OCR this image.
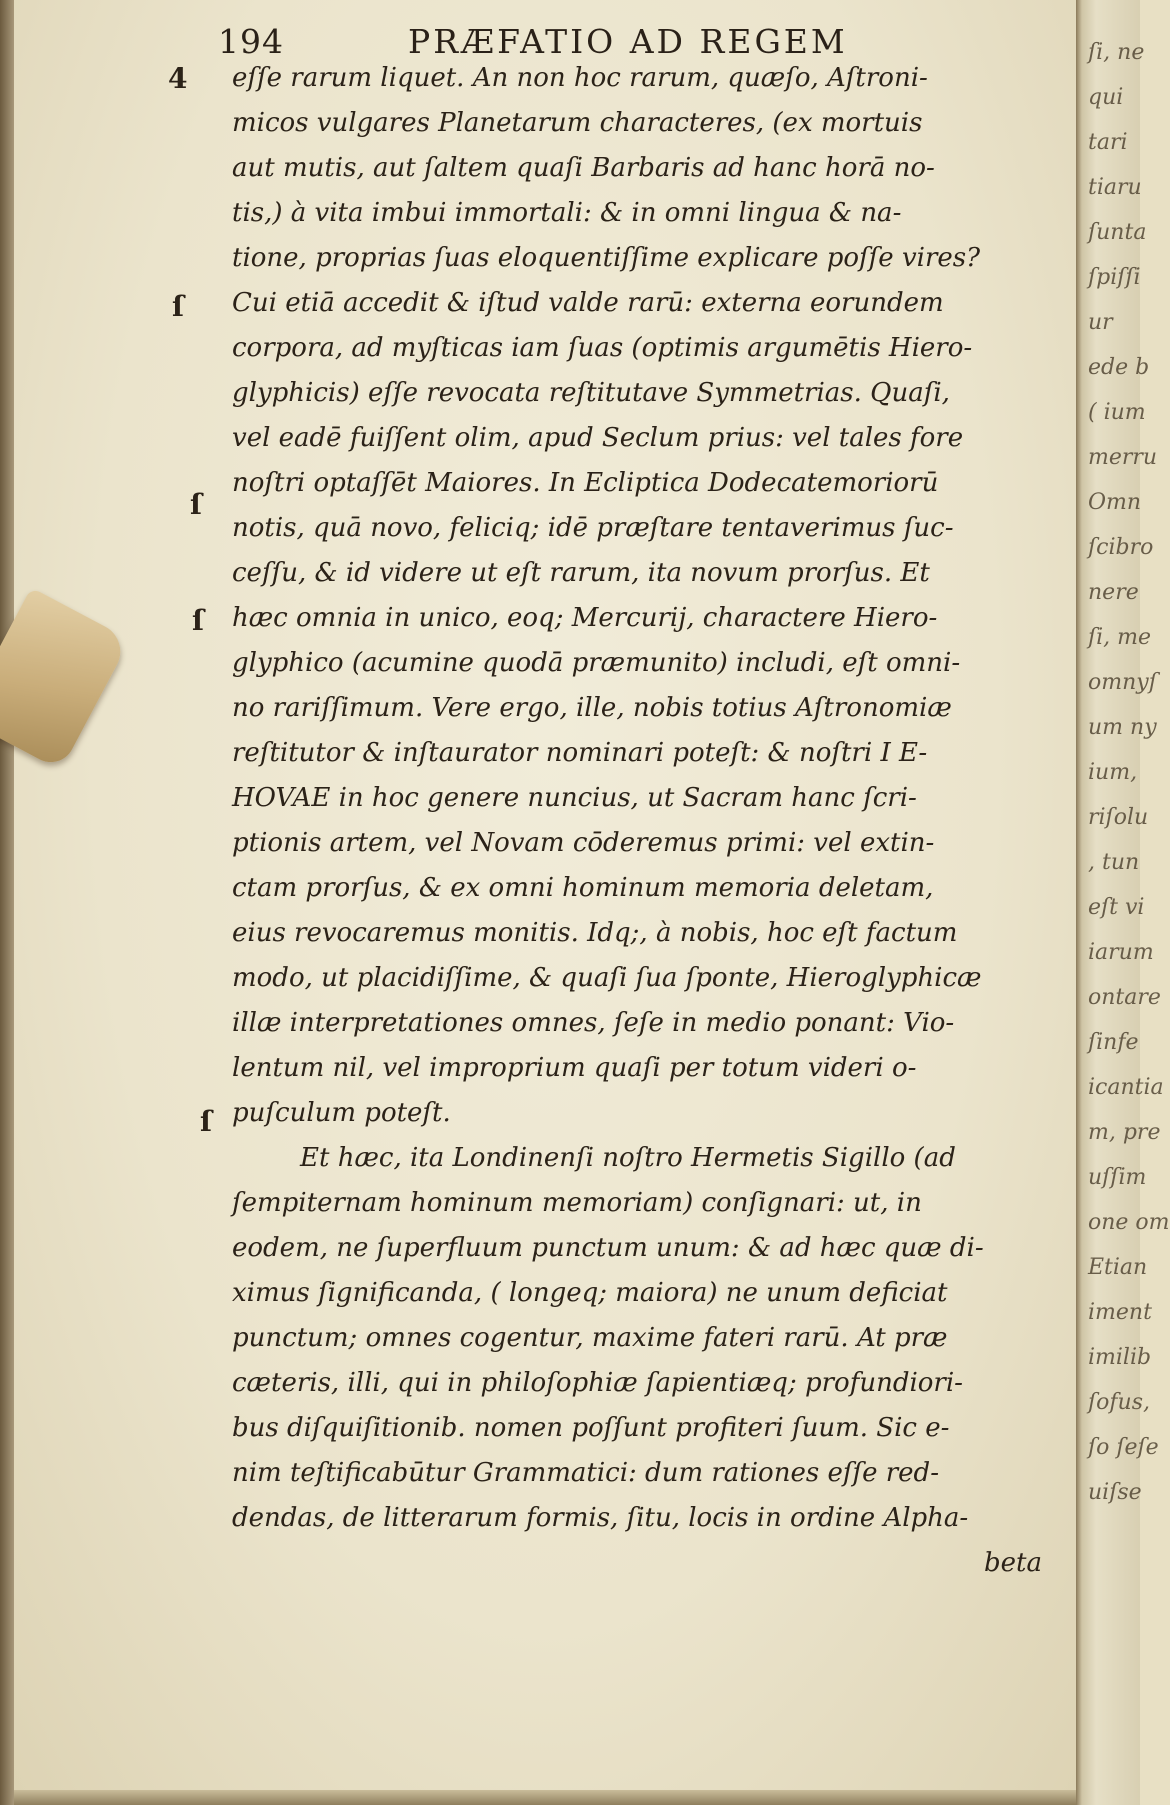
ſi, ne
qui
tari
tiaru
ſunta
ſpiſſi
ur
ede b
( ium
merru
Omn
ſcibro
nere
ſi, me
omnyſ
um ny
ium,
riſolu
, tun
eſt vi
iarum
ontare
ſinfe
icantia
m, pre
uſſim
one om
Etian
iment
imilib
ſofus,
ſo ſeſe
uiſse
194	PRÆFATIO AD REGEM
4
ſ
ſ
ſ
ſ
eſſe rarum liquet. An non hoc rarum, quæſo, Aſtroni-
micos vulgares Planetarum characteres, (ex mortuis
aut mutis, aut ſaltem quaſi Barbaris ad hanc horā no-
tis,) à vita imbui immortali: & in omni lingua & na-
tione, proprias ſuas eloquentiſſime explicare poſſe vires?
Cui etiā accedit & iſtud valde rarū: externa eorundem
corpora, ad myſticas iam ſuas (optimis argumētis Hiero-
glyphicis) eſſe revocata reſtitutave Symmetrias. Quaſi,
vel eadē fuiſſent olim, apud Seclum prius: vel tales fore
noſtri optaſſēt Maiores. In Ecliptica Dodecatemoriorū
notis, quā novo, feliciq; idē præſtare tentaverimus ſuc-
ceſſu, & id videre ut eſt rarum, ita novum prorſus. Et
hæc omnia in unico, eoq; Mercurij, charactere Hiero-
glyphico (acumine quodā præmunito) includi, eſt omni-
no rariſſimum. Vere ergo, ille, nobis totius Aſtronomiæ
reſtitutor & inſtaurator nominari poteſt: & noſtri I E-
HOVAE in hoc genere nuncius, ut Sacram hanc ſcri-
ptionis artem, vel Novam cōderemus primi: vel extin-
ctam prorſus, & ex omni hominum memoria deletam,
eius revocaremus monitis. Idq;, à nobis, hoc eſt factum
modo, ut placidiſſime, & quaſi ſua ſponte, Hieroglyphicæ
illæ interpretationes omnes, ſeſe in medio ponant: Vio-
lentum nil, vel improprium quaſi per totum videri o-
puſculum poteſt.
Et hæc, ita Londinenſi noſtro Hermetis Sigillo (ad
ſempiternam hominum memoriam) conſignari: ut, in
eodem, ne ſuperfluum punctum unum: & ad hæc quæ di-
ximus ſignificanda, ( longeq; maiora) ne unum deficiat
punctum; omnes cogentur, maxime fateri rarū. At præ
cæteris, illi, qui in philoſophiæ ſapientiæq; profundiori-
bus diſquiſitionib. nomen poſſunt profiteri ſuum. Sic e-
nim teſtificabūtur Grammatici: dum rationes eſſe red-
dendas, de litterarum formis, ſitu, locis in ordine Alpha-
beta
